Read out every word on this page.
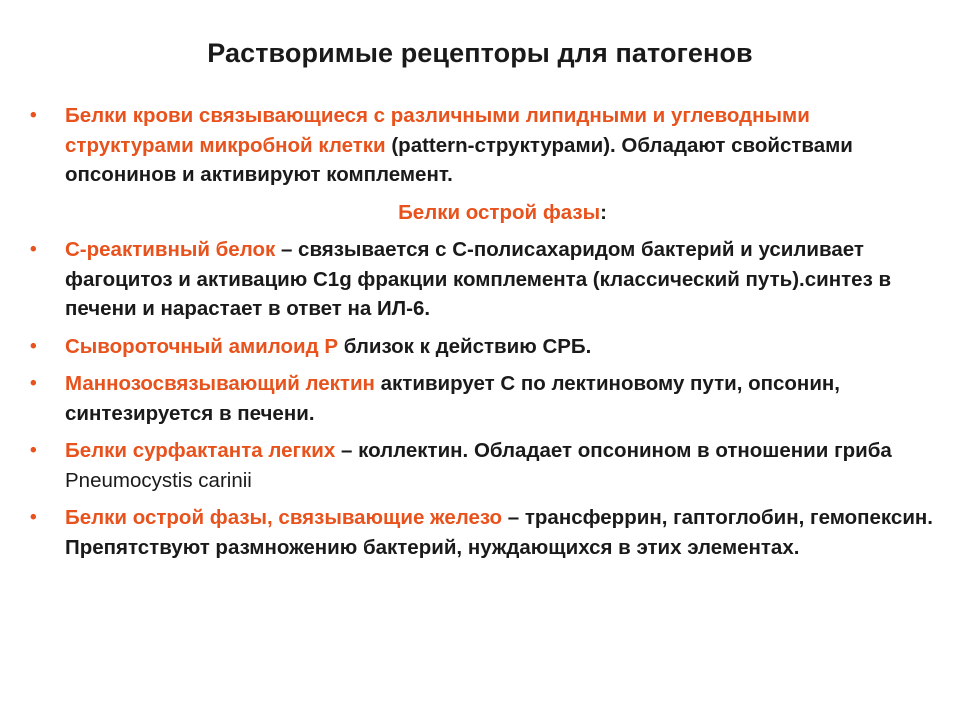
Растворимые рецепторы для патогенов
•	Белки крови связывающиеся с различными липидными и углеводными структурами микробной клетки (pattern-структурами). Обладают свойствами опсонинов и активируют комплемент.
Белки острой фазы:
•	С-реактивный белок – связывается с С-полисахаридом бактерий и усиливает фагоцитоз и активацию С1g фракции комплемента (классический путь).синтез в печени и нарастает в ответ на ИЛ-6.
•	Сывороточный амилоид Р близок к действию СРБ.
•	Маннозосвязывающий лектин активирует С по лектиновому пути, опсонин, синтезируется в печени.
•	Белки сурфактанта легких – коллектин. Обладает опсонином в отношении гриба Pneumocystis carinii
•	Белки острой фазы, связывающие железо – трансферрин, гаптоглобин, гемопексин. Препятствуют размножению бактерий, нуждающихся в этих элементах.
